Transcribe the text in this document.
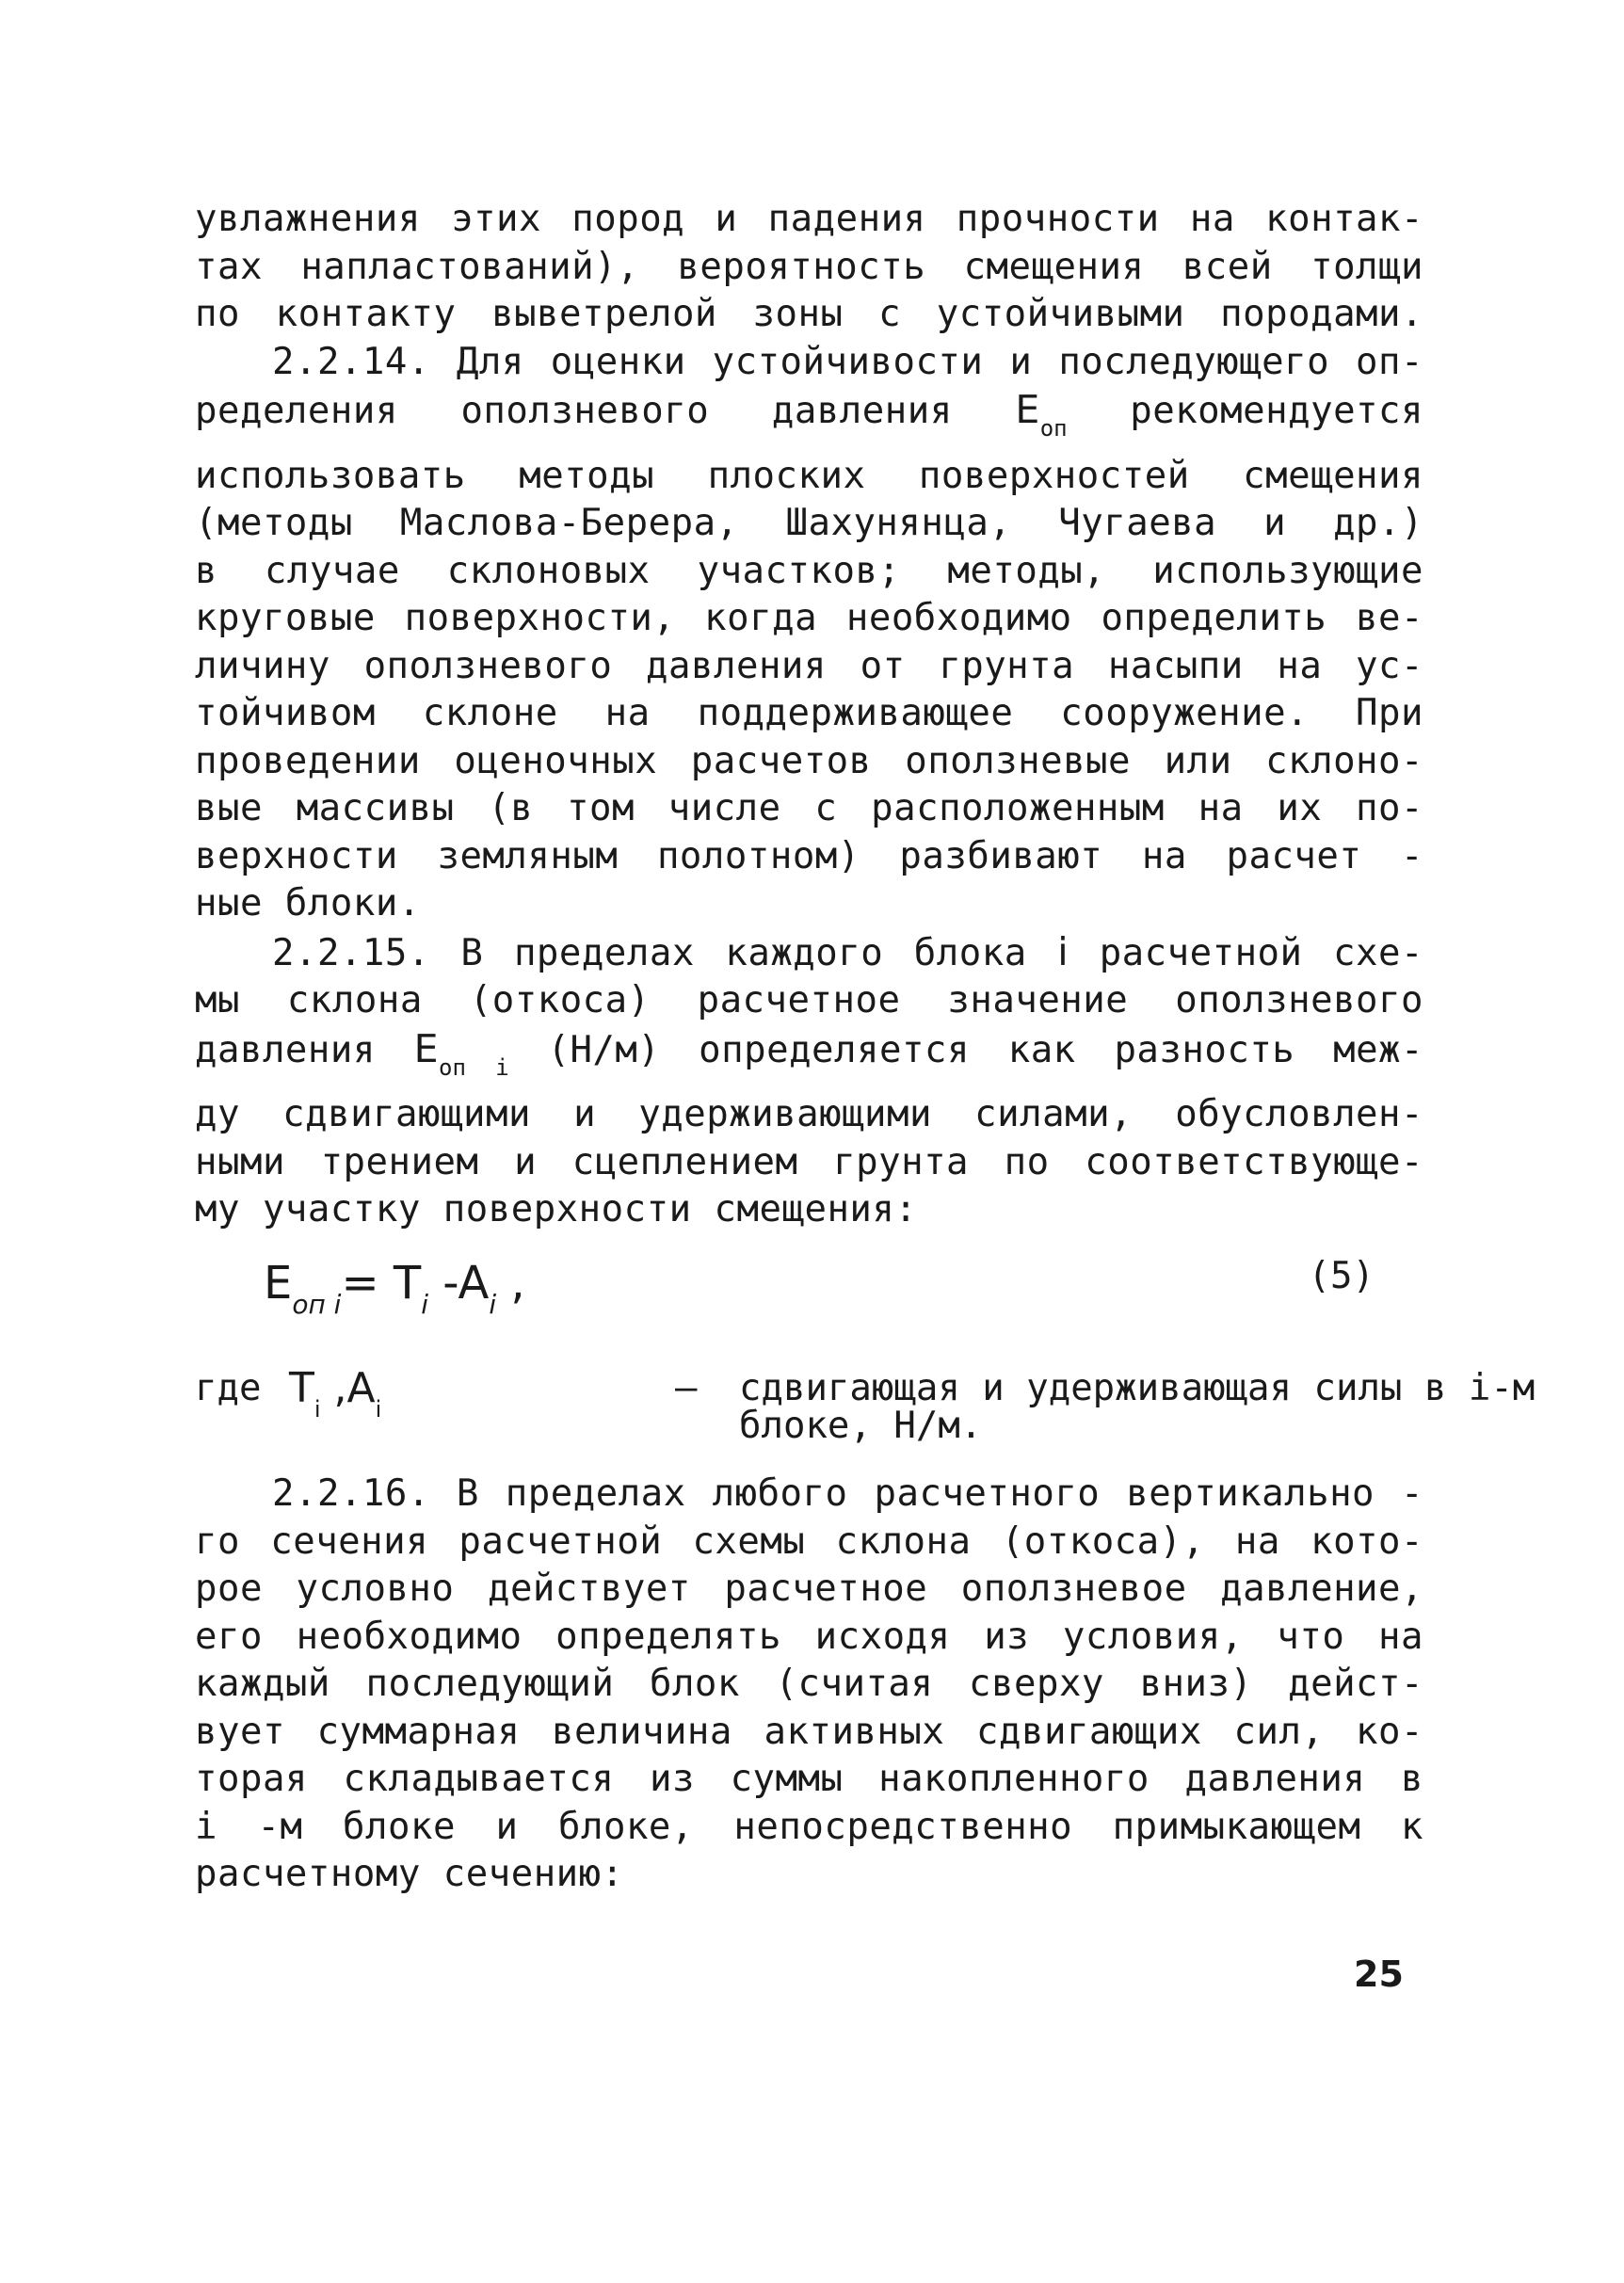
увлажнения этих пород и падения прочности на контак-

тах напластований), вероятность смещения всей толщи

по контакту выветрелой зоны с устойчивыми породами.

2.2.14. Для оценки устойчивости и последующего оп-

ределения оползневого давления $E_{оп}$ рекомендуется

использовать методы плоских поверхностей смещения

(методы Маслова-Берера, Шахунянца, Чугаева и др.)

в случае склоновых участков; методы, использующие

круговые поверхности, когда необходимо определить ве-

личину оползневого давления от грунта насыпи на ус-

тойчивом склоне на поддерживающее сооружение. При

проведении оценочных расчетов оползневые или склоно-

вые массивы (в том числе с расположенным на их по-

верхности земляным полотном) разбивают на расчет -

ные блоки.

2.2.15. В пределах каждого блока i расчетной схе-

мы склона (откоса) расчетное значение оползневого

давления $E_{оп i}$ (Н/м) определяется как разность меж-

ду сдвигающими и удерживающими силами, обусловлен-

ными трением и сцеплением грунта по соответствующе-

му участку поверхности смещения:

$E_{оп i}= T_i$ $-A_i$ ,	(5)
где $T_i$ $,A_i$	– сдвигающая и удерживающая силы в i-м
блоке, Н/м.

2.2.16. В пределах любого расчетного вертикально -

го сечения расчетной схемы склона (откоса), на кото-

рое условно действует расчетное оползневое давление,

его необходимо определять исходя из условия, что на

каждый последующий блок (считая сверху вниз) дейст-

вует суммарная величина активных сдвигающих сил, ко-

торая складывается из суммы накопленного давления в

i -м блоке и блоке, непосредственно примыкающем к

расчетному сечению:

25
